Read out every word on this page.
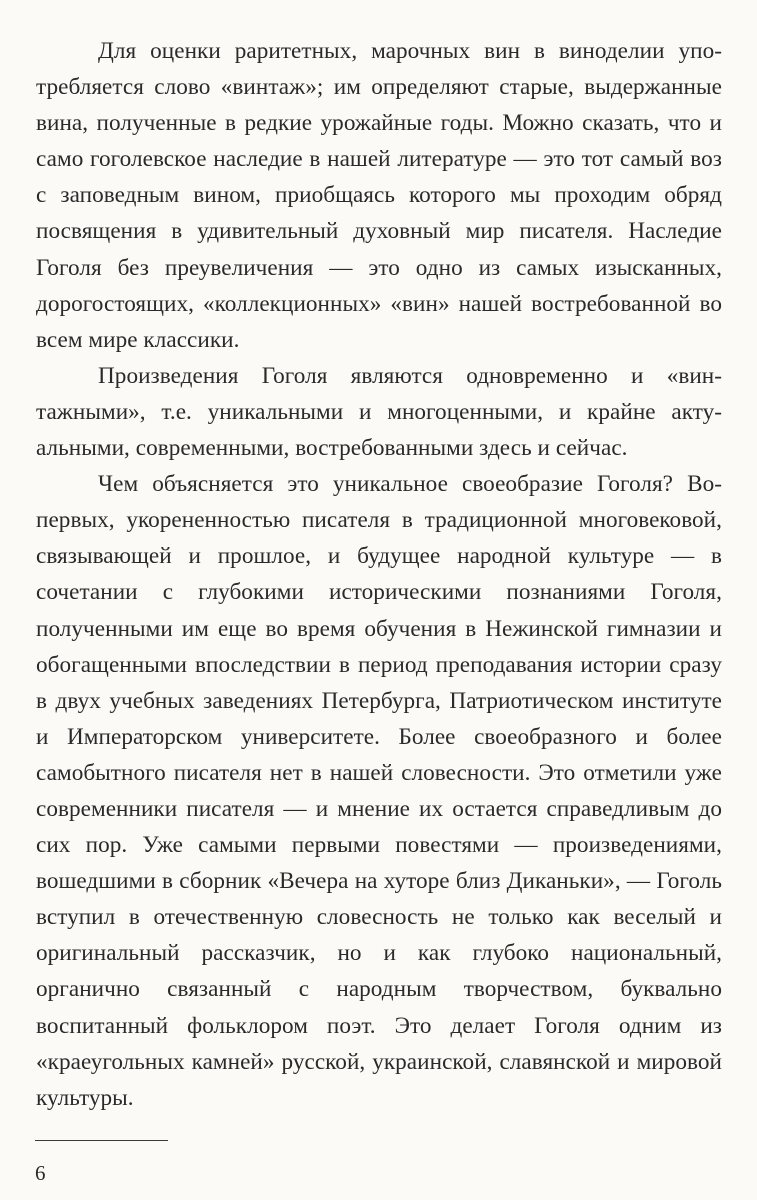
Для оценки раритетных, марочных вин в виноделии употребляется слово «винтаж»; им определяют старые, выдержанные вина, полученные в редкие урожайные годы. Можно сказать, что и само гоголевское наследие в нашей литературе — это тот самый воз с заповедным вином, приобщаясь которого мы проходим обряд посвящения в удивительный духовный мир писателя. Наследие Гоголя без преувеличения — это одно из самых изысканных, дорогостоящих, «коллекционных» «вин» нашей востребованной во всем мире классики.

Произведения Гоголя являются одновременно и «винтажными», т.е. уникальными и многоценными, и крайне актуальными, современными, востребованными здесь и сейчас.

Чем объясняется это уникальное своеобразие Гоголя? Во-первых, укорененностью писателя в традиционной многовековой, связывающей и прошлое, и будущее народной культуре — в сочетании с глубокими историческими познаниями Гоголя, полученными им еще во время обучения в Нежинской гимназии и обогащенными впоследствии в период преподавания истории сразу в двух учебных заведениях Петербурга, Патриотическом институте и Императорском университете. Более своеобразного и более самобытного писателя нет в нашей словесности. Это отметили уже современники писателя — и мнение их остается справедливым до сих пор. Уже самыми первыми повестями — произведениями, вошедшими в сборник «Вечера на хуторе близ Диканьки», — Гоголь вступил в отечественную словесность не только как веселый и оригинальный рассказчик, но и как глубоко национальный, органично связанный с народным творчеством, буквально воспитанный фольклором поэт. Это делает Гоголя одним из «краеугольных камней» русской, украинской, славянской и мировой культуры.

6
